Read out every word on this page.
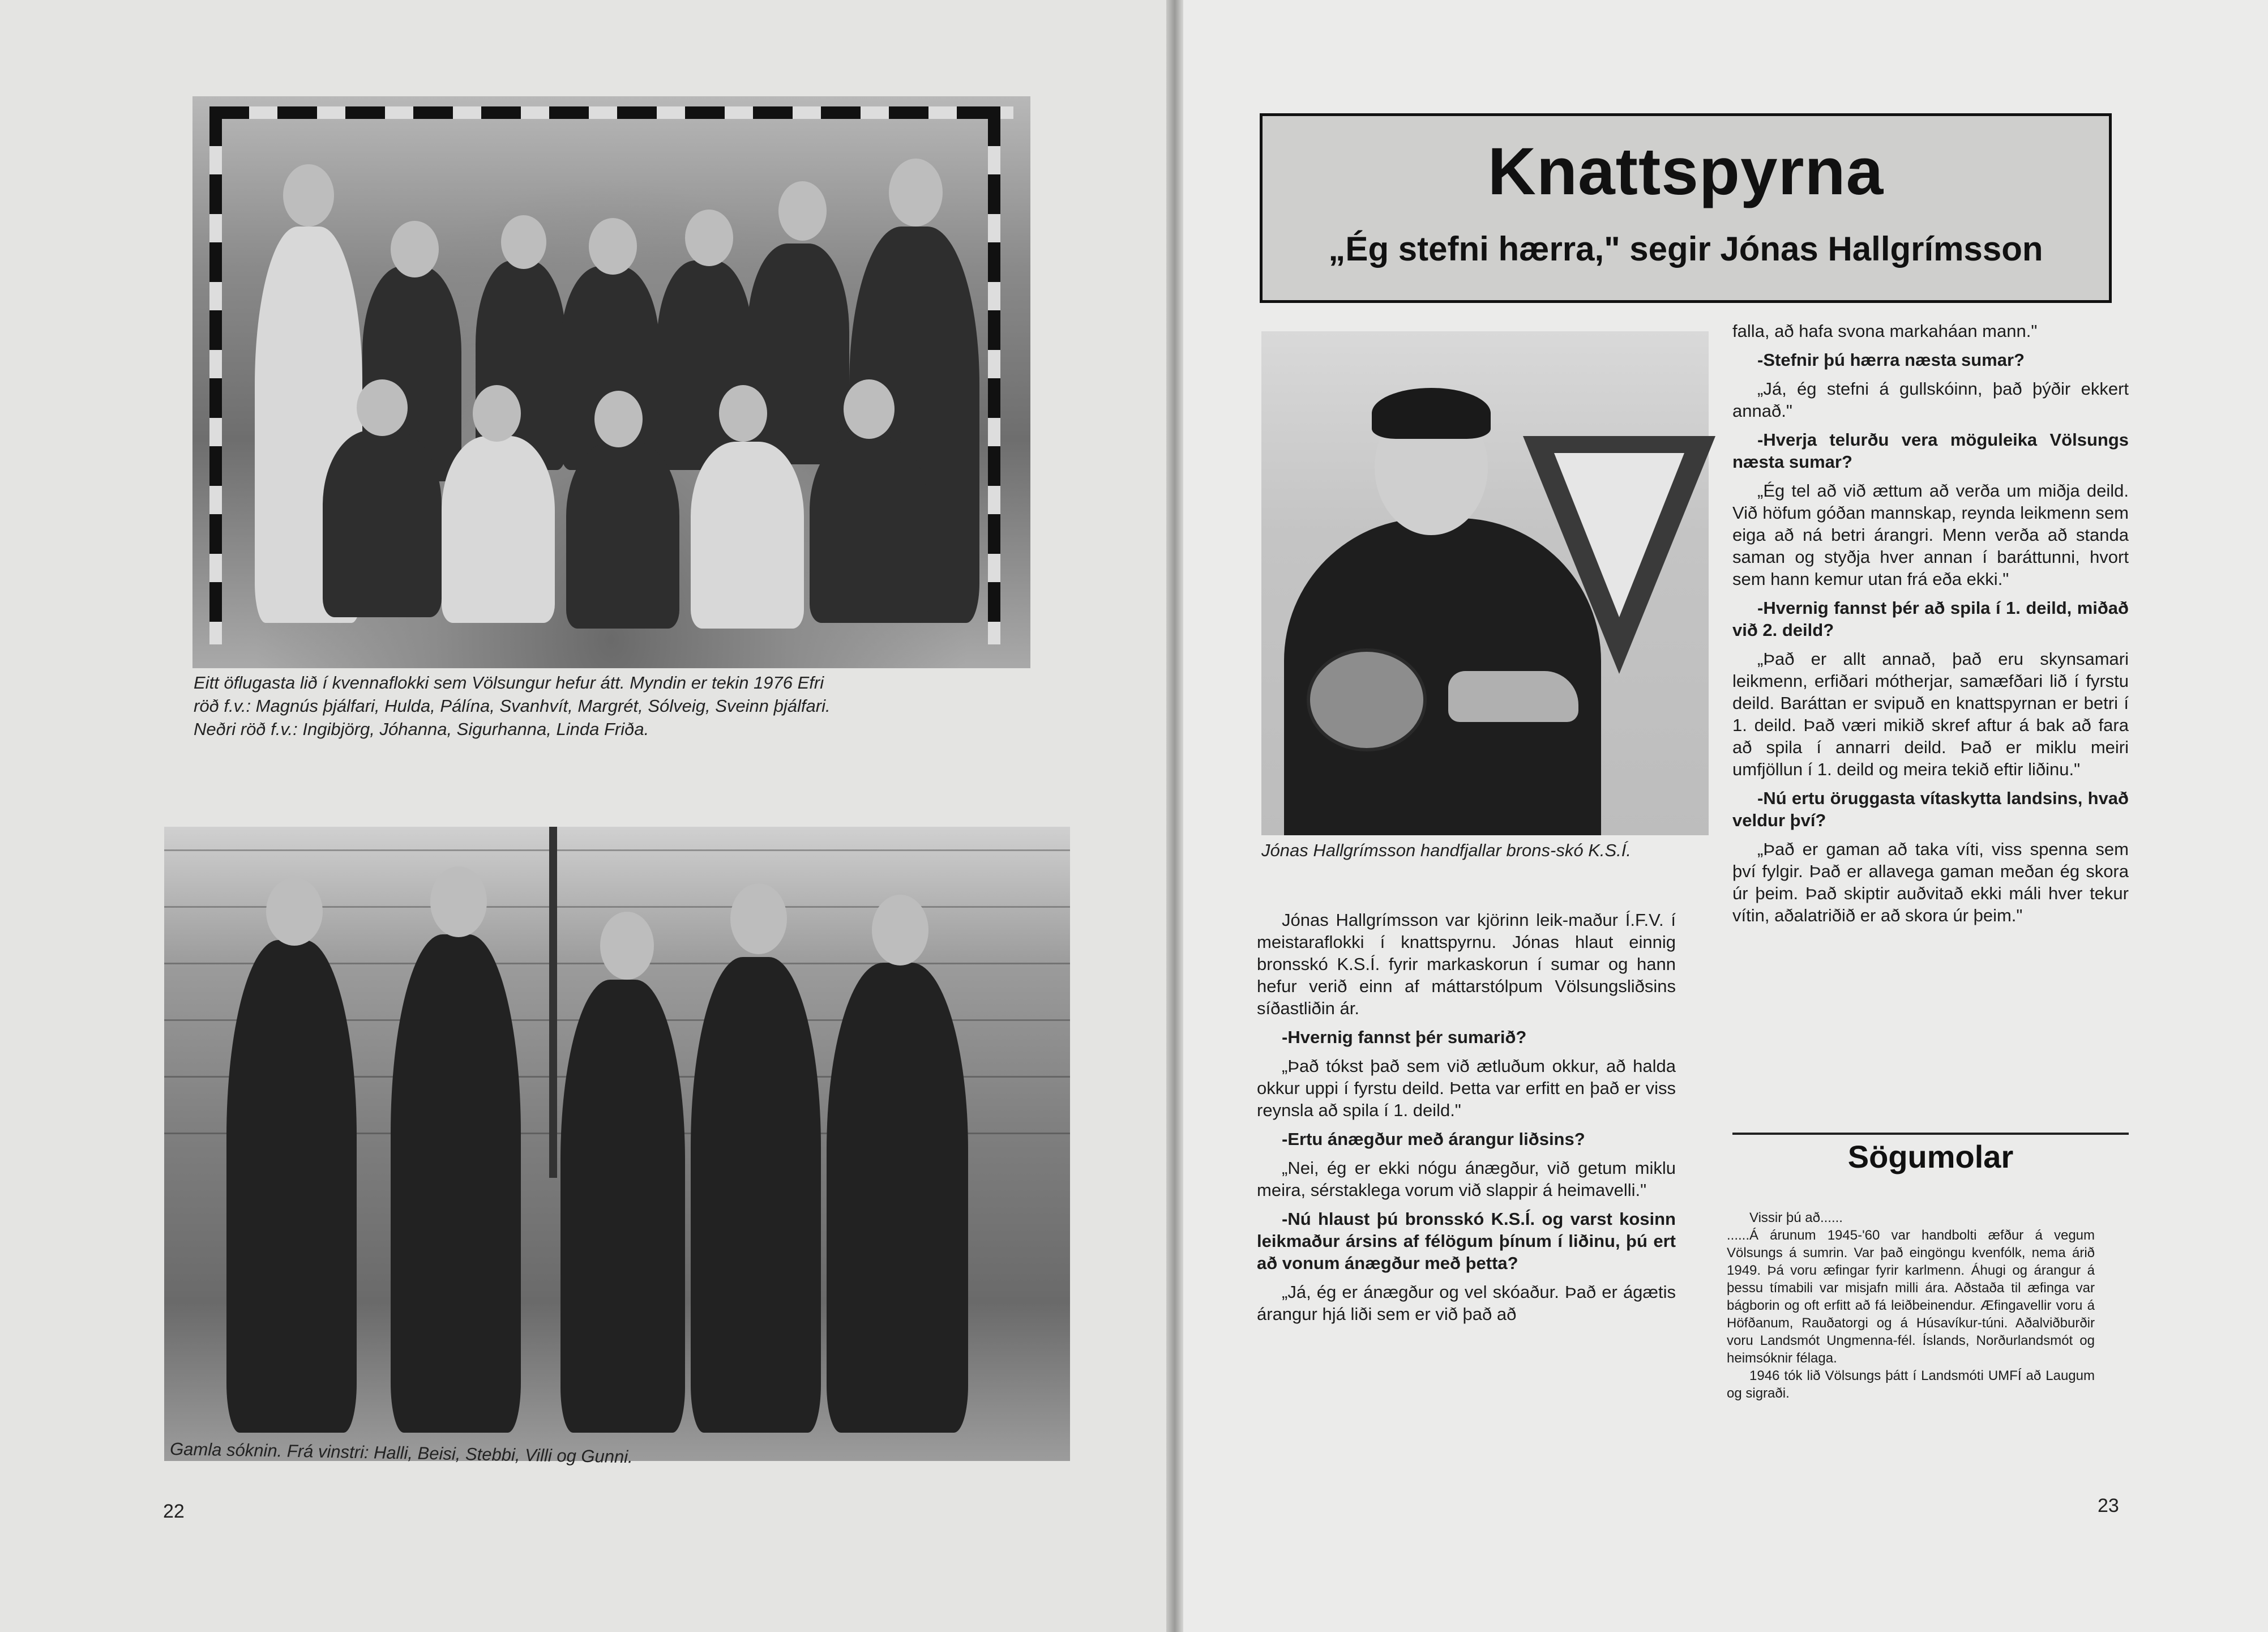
Eitt öflugasta lið í kvennaflokki sem Völsungur hefur átt. Myndin er tekin 1976 Efri
röð f.v.: Magnús þjálfari, Hulda, Pálína, Svanhvít, Margrét, Sólveig, Sveinn þjálfari.
Neðri röð f.v.: Ingibjörg, Jóhanna, Sigurhanna, Linda Friða.
Gamla sóknin. Frá vinstri: Halli, Beisi, Stebbi, Villi og Gunni.
22
Knattspyrna
„Ég stefni hærra," segir Jónas Hallgrímsson
Jónas Hallgrímsson handfjallar brons-skó K.S.Í.

Jónas Hallgrímsson var kjörinn leik-maður Í.F.V. í meistaraflokki í knattspyrnu. Jónas hlaut einnig bronsskó K.S.Í. fyrir markaskorun í sumar og hann hefur verið einn af máttarstólpum Völsungsliðsins síðastliðin ár.

-Hvernig fannst þér sumarið?

„Það tókst það sem við ætluðum okkur, að halda okkur uppi í fyrstu deild. Þetta var erfitt en það er viss reynsla að spila í 1. deild."

-Ertu ánægður með árangur liðsins?

„Nei, ég er ekki nógu ánægður, við getum miklu meira, sérstaklega vorum við slappir á heimavelli."

-Nú hlaust þú bronsskó K.S.Í. og varst kosinn leikmaður ársins af félögum þínum í liðinu, þú ert að vonum ánægður með þetta?

„Já, ég er ánægður og vel skóaður. Það er ágætis árangur hjá liði sem er við það að

falla, að hafa svona markaháan mann."

-Stefnir þú hærra næsta sumar?

„Já, ég stefni á gullskóinn, það þýðir ekkert annað."

-Hverja telurðu vera möguleika Völsungs næsta sumar?

„Ég tel að við ættum að verða um miðja deild. Við höfum góðan mannskap, reynda leikmenn sem eiga að ná betri árangri. Menn verða að standa saman og styðja hver annan í baráttunni, hvort sem hann kemur utan frá eða ekki."

-Hvernig fannst þér að spila í 1. deild, miðað við 2. deild?

„Það er allt annað, það eru skynsamari leikmenn, erfiðari mótherjar, samæfðari lið í fyrstu deild. Baráttan er svipuð en knattspyrnan er betri í 1. deild. Það væri mikið skref aftur á bak að fara að spila í annarri deild. Það er miklu meiri umfjöllun í 1. deild og meira tekið eftir liðinu."

-Nú ertu öruggasta vítaskytta landsins, hvað veldur því?

„Það er gaman að taka víti, viss spenna sem því fylgir. Það er allavega gaman meðan ég skora úr þeim. Það skiptir auðvitað ekki máli hver tekur vítin, aðalatriðið er að skora úr þeim."

Sögumolar

Vissir þú að......

......Á árunum 1945-'60 var handbolti æfður á vegum Völsungs á sumrin. Var það eingöngu kvenfólk, nema árið 1949. Þá voru æfingar fyrir karlmenn. Áhugi og árangur á þessu tímabili var misjafn milli ára. Aðstaða til æfinga var bágborin og oft erfitt að fá leiðbeinendur. Æfingavellir voru á Höfðanum, Rauðatorgi og á Húsavíkur-túni. Aðalviðburðir voru Landsmót Ungmenna-fél. Íslands, Norðurlandsmót og heimsóknir félaga.

1946 tók lið Völsungs þátt í Landsmóti UMFÍ að Laugum og sigraði.

23
